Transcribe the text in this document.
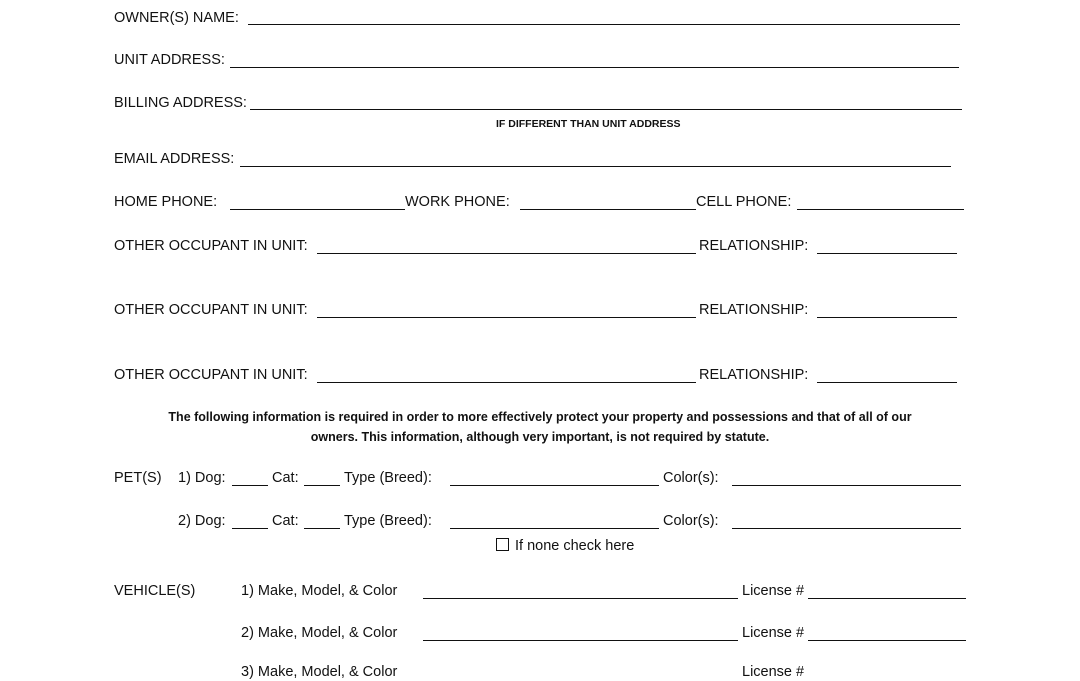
OWNER(S) NAME:
UNIT ADDRESS:
BILLING ADDRESS:
IF DIFFERENT THAN UNIT ADDRESS
EMAIL ADDRESS:
HOME PHONE:	WORK PHONE:	CELL PHONE:
OTHER OCCUPANT IN UNIT:	RELATIONSHIP:
OTHER OCCUPANT IN UNIT:	RELATIONSHIP:
OTHER OCCUPANT IN UNIT:	RELATIONSHIP:
The following information is required in order to more effectively protect your property and possessions and that of all of our
owners. This information, although very important, is not required by statute.
PET(S) 1) Dog:	Cat:	Type (Breed):	Color(s):
2) Dog:	Cat:	Type (Breed):	Color(s):
If none check here
VEHICLE(S)	1) Make, Model, & Color	License #
2) Make, Model, & Color	License #
3) Make, Model, & Color	License #
